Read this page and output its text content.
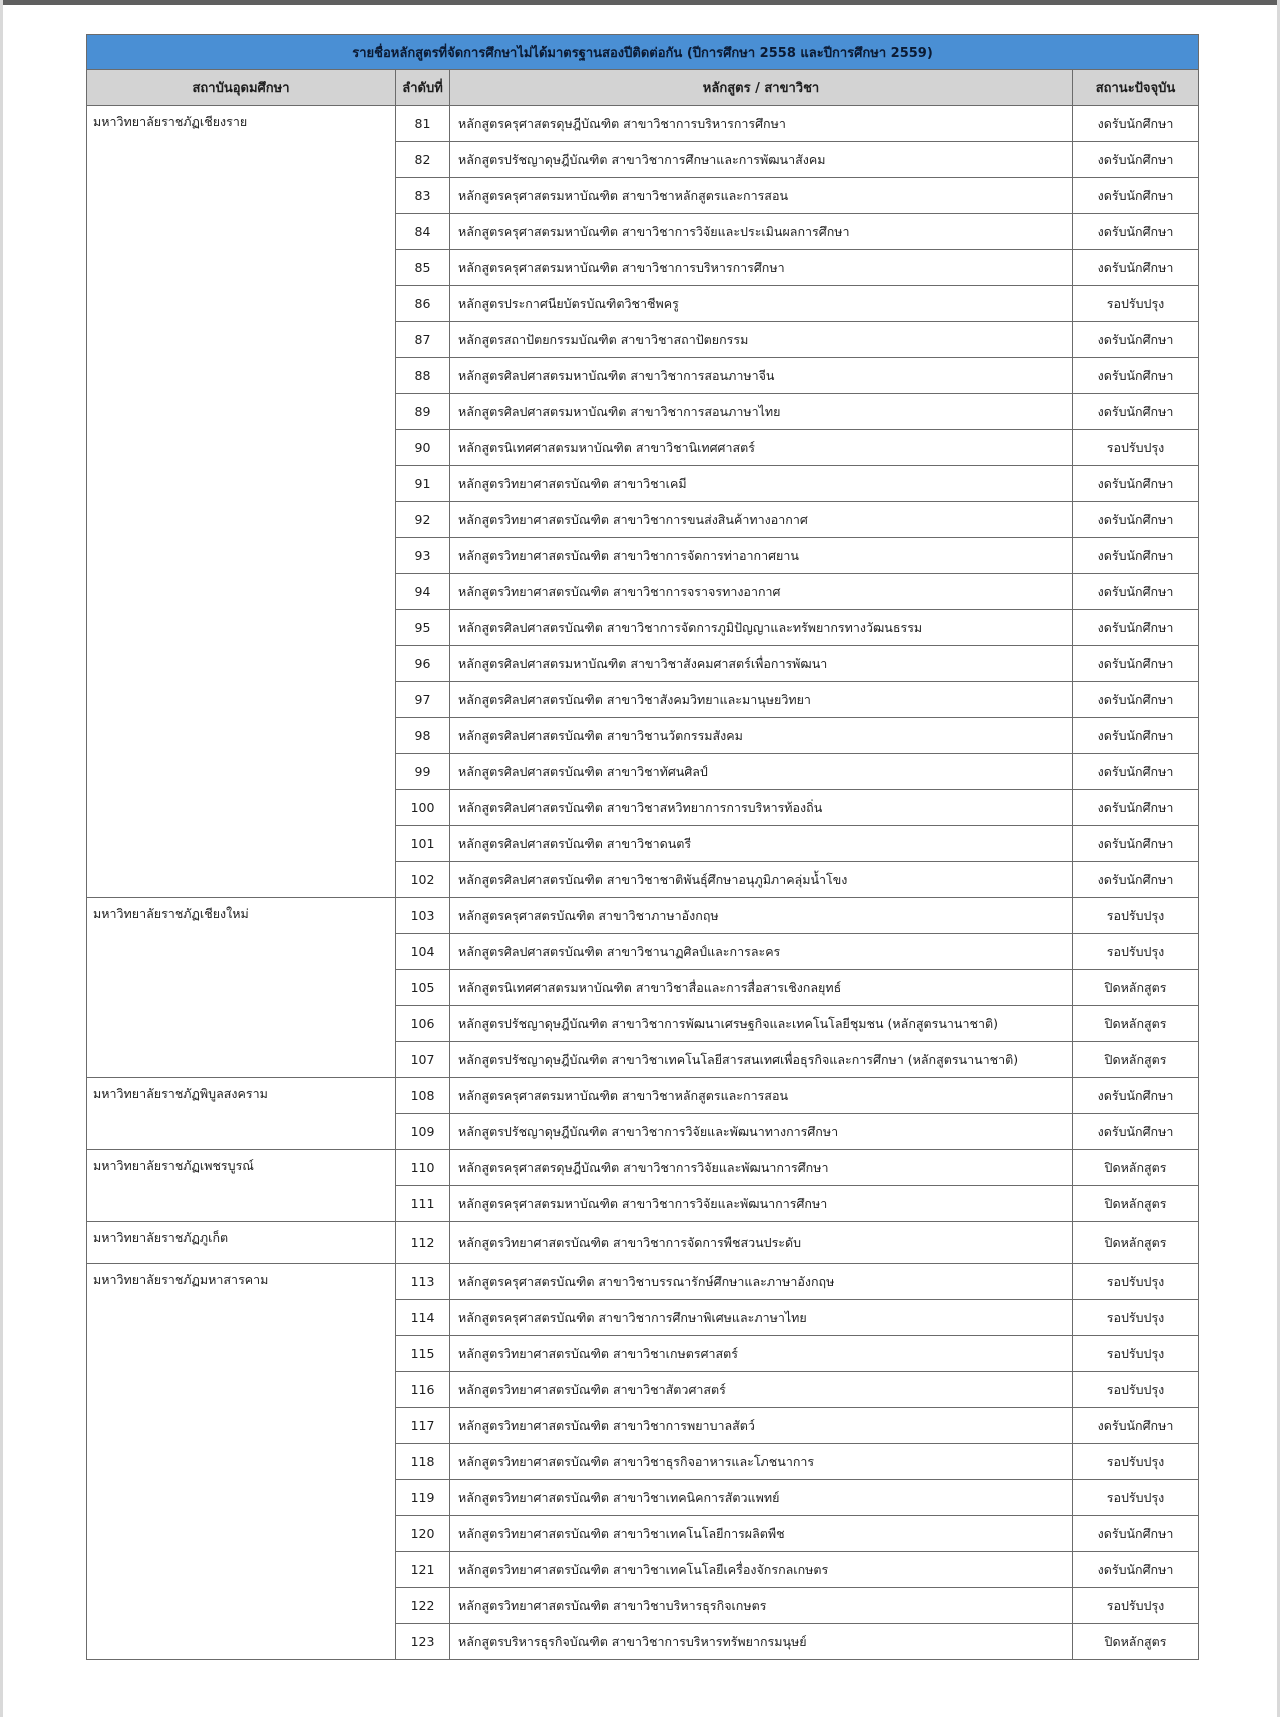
รายชื่อหลักสูตรที่จัดการศึกษาไม่ได้มาตรฐานสองปีติดต่อกัน (ปีการศึกษา 2558 และปีการศึกษา 2559)			
สถาบันอุดมศึกษา	ลำดับที่	หลักสูตร / สาขาวิชา	สถานะปัจจุบัน
มหาวิทยาลัยราชภัฏเชียงราย	81	หลักสูตรครุศาสตรดุษฎีบัณฑิต สาขาวิชาการบริหารการศึกษา	งดรับนักศึกษา
	82	หลักสูตรปรัชญาดุษฎีบัณฑิต สาขาวิชาการศึกษาและการพัฒนาสังคม	งดรับนักศึกษา
	83	หลักสูตรครุศาสตรมหาบัณฑิต สาขาวิชาหลักสูตรและการสอน	งดรับนักศึกษา
	84	หลักสูตรครุศาสตรมหาบัณฑิต สาขาวิชาการวิจัยและประเมินผลการศึกษา	งดรับนักศึกษา
	85	หลักสูตรครุศาสตรมหาบัณฑิต สาขาวิชาการบริหารการศึกษา	งดรับนักศึกษา
	86	หลักสูตรประกาศนียบัตรบัณฑิตวิชาชีพครู	รอปรับปรุง
	87	หลักสูตรสถาปัตยกรรมบัณฑิต สาขาวิชาสถาปัตยกรรม	งดรับนักศึกษา
	88	หลักสูตรศิลปศาสตรมหาบัณฑิต สาขาวิชาการสอนภาษาจีน	งดรับนักศึกษา
	89	หลักสูตรศิลปศาสตรมหาบัณฑิต สาขาวิชาการสอนภาษาไทย	งดรับนักศึกษา
	90	หลักสูตรนิเทศศาสตรมหาบัณฑิต สาขาวิชานิเทศศาสตร์	รอปรับปรุง
	91	หลักสูตรวิทยาศาสตรบัณฑิต สาขาวิชาเคมี	งดรับนักศึกษา
	92	หลักสูตรวิทยาศาสตรบัณฑิต สาขาวิชาการขนส่งสินค้าทางอากาศ	งดรับนักศึกษา
	93	หลักสูตรวิทยาศาสตรบัณฑิต สาขาวิชาการจัดการท่าอากาศยาน	งดรับนักศึกษา
	94	หลักสูตรวิทยาศาสตรบัณฑิต สาขาวิชาการจราจรทางอากาศ	งดรับนักศึกษา
	95	หลักสูตรศิลปศาสตรบัณฑิต สาขาวิชาการจัดการภูมิปัญญาและทรัพยากรทางวัฒนธรรม	งดรับนักศึกษา
	96	หลักสูตรศิลปศาสตรมหาบัณฑิต สาขาวิชาสังคมศาสตร์เพื่อการพัฒนา	งดรับนักศึกษา
	97	หลักสูตรศิลปศาสตรบัณฑิต สาขาวิชาสังคมวิทยาและมานุษยวิทยา	งดรับนักศึกษา
	98	หลักสูตรศิลปศาสตรบัณฑิต สาขาวิชานวัตกรรมสังคม	งดรับนักศึกษา
	99	หลักสูตรศิลปศาสตรบัณฑิต สาขาวิชาทัศนศิลป์	งดรับนักศึกษา
	100	หลักสูตรศิลปศาสตรบัณฑิต สาขาวิชาสหวิทยาการการบริหารท้องถิ่น	งดรับนักศึกษา
	101	หลักสูตรศิลปศาสตรบัณฑิต สาขาวิชาดนตรี	งดรับนักศึกษา
	102	หลักสูตรศิลปศาสตรบัณฑิต สาขาวิชาชาติพันธุ์ศึกษาอนุภูมิภาคลุ่มน้ำโขง	งดรับนักศึกษา
มหาวิทยาลัยราชภัฏเชียงใหม่	103	หลักสูตรครุศาสตรบัณฑิต สาขาวิชาภาษาอังกฤษ	รอปรับปรุง
	104	หลักสูตรศิลปศาสตรบัณฑิต สาขาวิชานาฏศิลป์และการละคร	รอปรับปรุง
	105	หลักสูตรนิเทศศาสตรมหาบัณฑิต สาขาวิชาสื่อและการสื่อสารเชิงกลยุทธ์	ปิดหลักสูตร
	106	หลักสูตรปรัชญาดุษฎีบัณฑิต สาขาวิชาการพัฒนาเศรษฐกิจและเทคโนโลยีชุมชน (หลักสูตรนานาชาติ)	ปิดหลักสูตร
	107	หลักสูตรปรัชญาดุษฎีบัณฑิต สาขาวิชาเทคโนโลยีสารสนเทศเพื่อธุรกิจและการศึกษา (หลักสูตรนานาชาติ)	ปิดหลักสูตร
มหาวิทยาลัยราชภัฏพิบูลสงคราม	108	หลักสูตรครุศาสตรมหาบัณฑิต สาขาวิชาหลักสูตรและการสอน	งดรับนักศึกษา
	109	หลักสูตรปรัชญาดุษฎีบัณฑิต สาขาวิชาการวิจัยและพัฒนาทางการศึกษา	งดรับนักศึกษา
มหาวิทยาลัยราชภัฏเพชรบูรณ์	110	หลักสูตรครุศาสตรดุษฎีบัณฑิต สาขาวิชาการวิจัยและพัฒนาการศึกษา	ปิดหลักสูตร
	111	หลักสูตรครุศาสตรมหาบัณฑิต สาขาวิชาการวิจัยและพัฒนาการศึกษา	ปิดหลักสูตร
มหาวิทยาลัยราชภัฏภูเก็ต	112	หลักสูตรวิทยาศาสตรบัณฑิต สาขาวิชาการจัดการพืชสวนประดับ	ปิดหลักสูตร
มหาวิทยาลัยราชภัฏมหาสารคาม	113	หลักสูตรครุศาสตรบัณฑิต สาขาวิชาบรรณารักษ์ศึกษาและภาษาอังกฤษ	รอปรับปรุง
	114	หลักสูตรครุศาสตรบัณฑิต สาขาวิชาการศึกษาพิเศษและภาษาไทย	รอปรับปรุง
	115	หลักสูตรวิทยาศาสตรบัณฑิต สาขาวิชาเกษตรศาสตร์	รอปรับปรุง
	116	หลักสูตรวิทยาศาสตรบัณฑิต สาขาวิชาสัตวศาสตร์	รอปรับปรุง
	117	หลักสูตรวิทยาศาสตรบัณฑิต สาขาวิชาการพยาบาลสัตว์	งดรับนักศึกษา
	118	หลักสูตรวิทยาศาสตรบัณฑิต สาขาวิชาธุรกิจอาหารและโภชนาการ	รอปรับปรุง
	119	หลักสูตรวิทยาศาสตรบัณฑิต สาขาวิชาเทคนิคการสัตวแพทย์	รอปรับปรุง
	120	หลักสูตรวิทยาศาสตรบัณฑิต สาขาวิชาเทคโนโลยีการผลิตพืช	งดรับนักศึกษา
	121	หลักสูตรวิทยาศาสตรบัณฑิต สาขาวิชาเทคโนโลยีเครื่องจักรกลเกษตร	งดรับนักศึกษา
	122	หลักสูตรวิทยาศาสตรบัณฑิต สาขาวิชาบริหารธุรกิจเกษตร	รอปรับปรุง
	123	หลักสูตรบริหารธุรกิจบัณฑิต สาขาวิชาการบริหารทรัพยากรมนุษย์	ปิดหลักสูตร
